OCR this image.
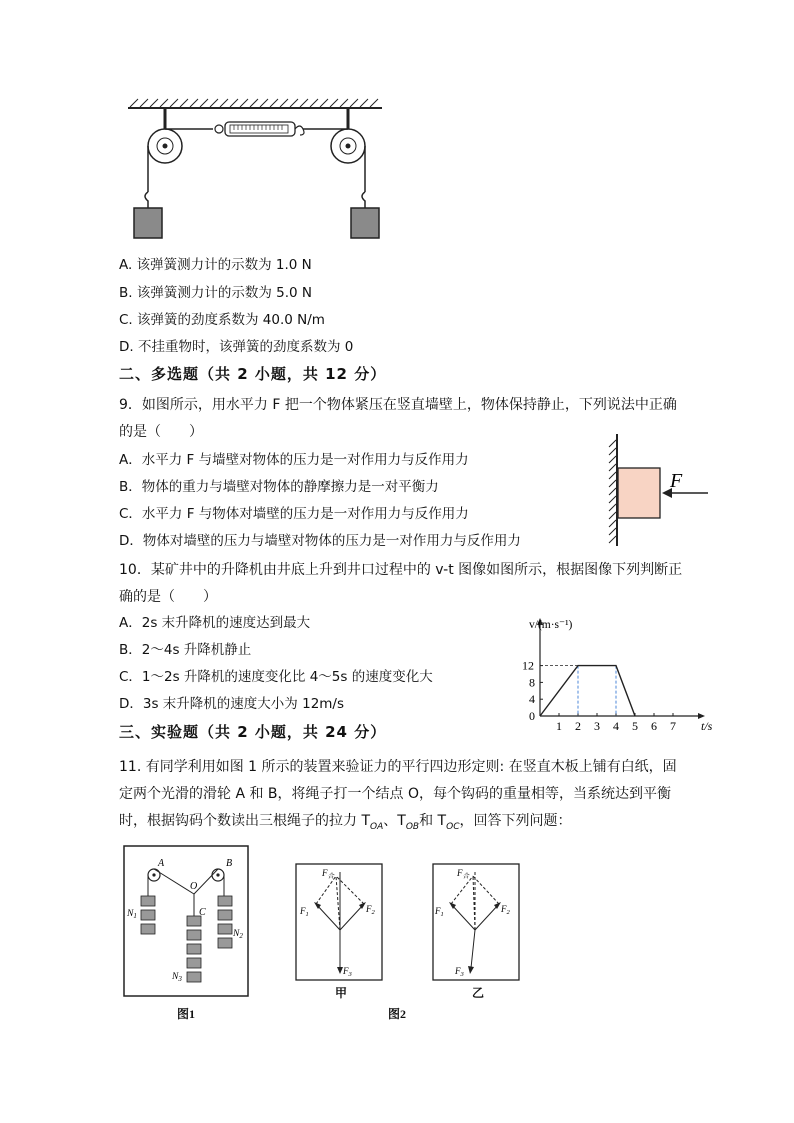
A. 该弹簧测力计的示数为 1.0 N
B. 该弹簧测力计的示数为 5.0 N
C. 该弹簧的劲度系数为 40.0 N/m
D. 不挂重物时，该弹簧的劲度系数为 0
二、多选题（共 2 小题，共 12 分）
9．如图所示，用水平力 F 把一个物体紧压在竖直墙壁上，物体保持静止，下列说法中正确
的是（　　）
A．水平力 F 与墙壁对物体的压力是一对作用力与反作用力
B．物体的重力与墙壁对物体的静摩擦力是一对平衡力
C．水平力 F 与物体对墙壁的压力是一对作用力与反作用力
D．物体对墙壁的压力与墙壁对物体的压力是一对作用力与反作用力
F
10．某矿井中的升降机由井底上升到井口过程中的 v-t 图像如图所示，根据图像下列判断正
确的是（　　）
A．2s 末升降机的速度达到最大
B．2～4s 升降机静止
C．1～2s 升降机的速度变化比 4～5s 的速度变化大
D．3s 末升降机的速度大小为 12m/s
v/(m·s⁻¹)
t/s
0
1 2 3 4 5 6 7
4
8
12
三、实验题（共 2 小题，共 24 分）
11. 有同学利用如图 1 所示的装置来验证力的平行四边形定则: 在竖直木板上铺有白纸，固
定两个光滑的滑轮 A 和 B，将绳子打一个结点 O，每个钩码的重量相等，当系统达到平衡
时，根据钩码个数读出三根绳子的拉力 $T_{OA}$、$T_{OB}$和 $T_{OC}$，回答下列问题：
A	B
O
C
$N_1$
$N_2$
$N_3$
图1
$F_合$
$F_1$
$F_2$
$F_3$
甲
$F_合$
$F_1$
$F_2$
$F_3$
乙
图2
